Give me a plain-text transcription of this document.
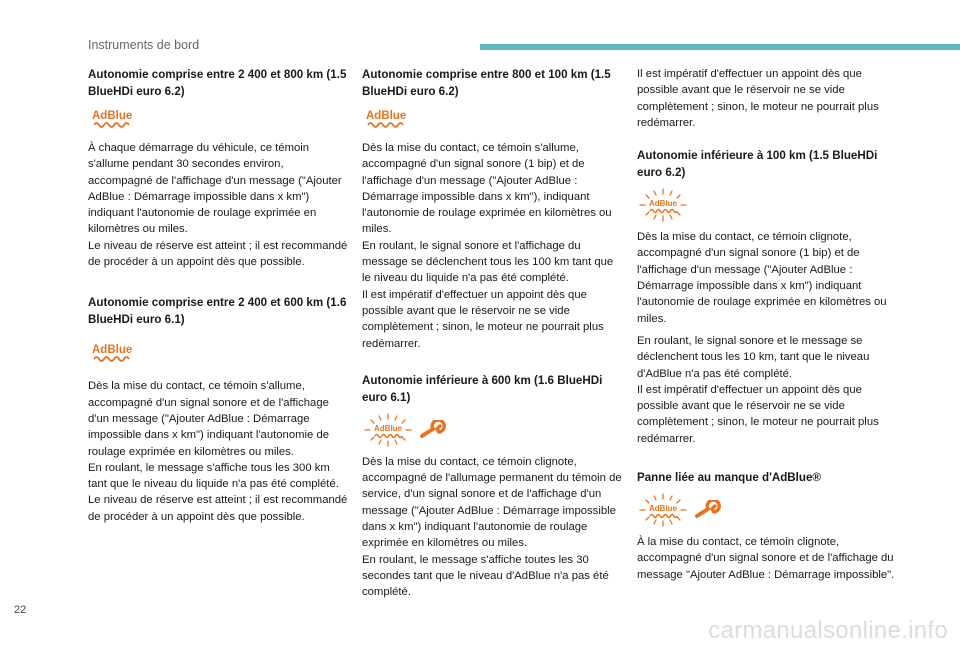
Instruments de bord
Autonomie comprise entre 2 400 et 800 km (1.5 BlueHDi euro 6.2)
AdBlue

À chaque démarrage du véhicule, ce témoin s'allume pendant 30 secondes environ, accompagné de l'affichage d'un message ("Ajouter AdBlue : Démarrage impossible dans x km") indiquant l'autonomie de roulage exprimée en kilomètres ou miles.
Le niveau de réserve est atteint ; il est recommandé de procéder à un appoint dès que possible.

Autonomie comprise entre 2 400 et 600 km (1.6 BlueHDi euro 6.1)
AdBlue

Dès la mise du contact, ce témoin s'allume, accompagné d'un signal sonore et de l'affichage d'un message ("Ajouter AdBlue : Démarrage impossible dans x km") indiquant l'autonomie de roulage exprimée en kilomètres ou miles.
En roulant, le message s'affiche tous les 300 km tant que le niveau du liquide n'a pas été complété.
Le niveau de réserve est atteint ; il est recommandé de procéder à un appoint dès que possible.

Autonomie comprise entre 800 et 100 km (1.5 BlueHDi euro 6.2)
AdBlue

Dès la mise du contact, ce témoin s'allume, accompagné d'un signal sonore (1 bip) et de l'affichage d'un message ("Ajouter AdBlue : Démarrage impossible dans x km"), indiquant l'autonomie de roulage exprimée en kilomètres ou miles.
En roulant, le signal sonore et l'affichage du message se déclenchent tous les 100 km tant que le niveau du liquide n'a pas été complété.
Il est impératif d'effectuer un appoint dès que possible avant que le réservoir ne se vide complètement ; sinon, le moteur ne pourrait plus redémarrer.

Autonomie inférieure à 600 km (1.6 BlueHDi euro 6.1)
AdBlue

Dès la mise du contact, ce témoin clignote, accompagné de l'allumage permanent du témoin de service, d'un signal sonore et de l'affichage d'un message ("Ajouter AdBlue : Démarrage impossible dans x km") indiquant l'autonomie de roulage exprimée en kilomètres ou miles.
En roulant, le message s'affiche toutes les 30 secondes tant que le niveau d'AdBlue n'a pas été complété.

Il est impératif d'effectuer un appoint dès que possible avant que le réservoir ne se vide complètement ; sinon, le moteur ne pourrait plus redémarrer.

Autonomie inférieure à 100 km (1.5 BlueHDi euro 6.2)
AdBlue

Dès la mise du contact, ce témoin clignote, accompagné d'un signal sonore (1 bip) et de l'affichage d'un message ("Ajouter AdBlue : Démarrage impossible dans x km") indiquant l'autonomie de roulage exprimée en kilomètres ou miles.

En roulant, le signal sonore et le message se déclenchent tous les 10 km, tant que le niveau d'AdBlue n'a pas été complété.
Il est impératif d'effectuer un appoint dès que possible avant que le réservoir ne se vide complètement ; sinon, le moteur ne pourrait plus redémarrer.

Panne liée au manque d'AdBlue®
AdBlue

À la mise du contact, ce témoin clignote, accompagné d'un signal sonore et de l'affichage du message "Ajouter AdBlue : Démarrage impossible".

22
carmanualsonline.info
